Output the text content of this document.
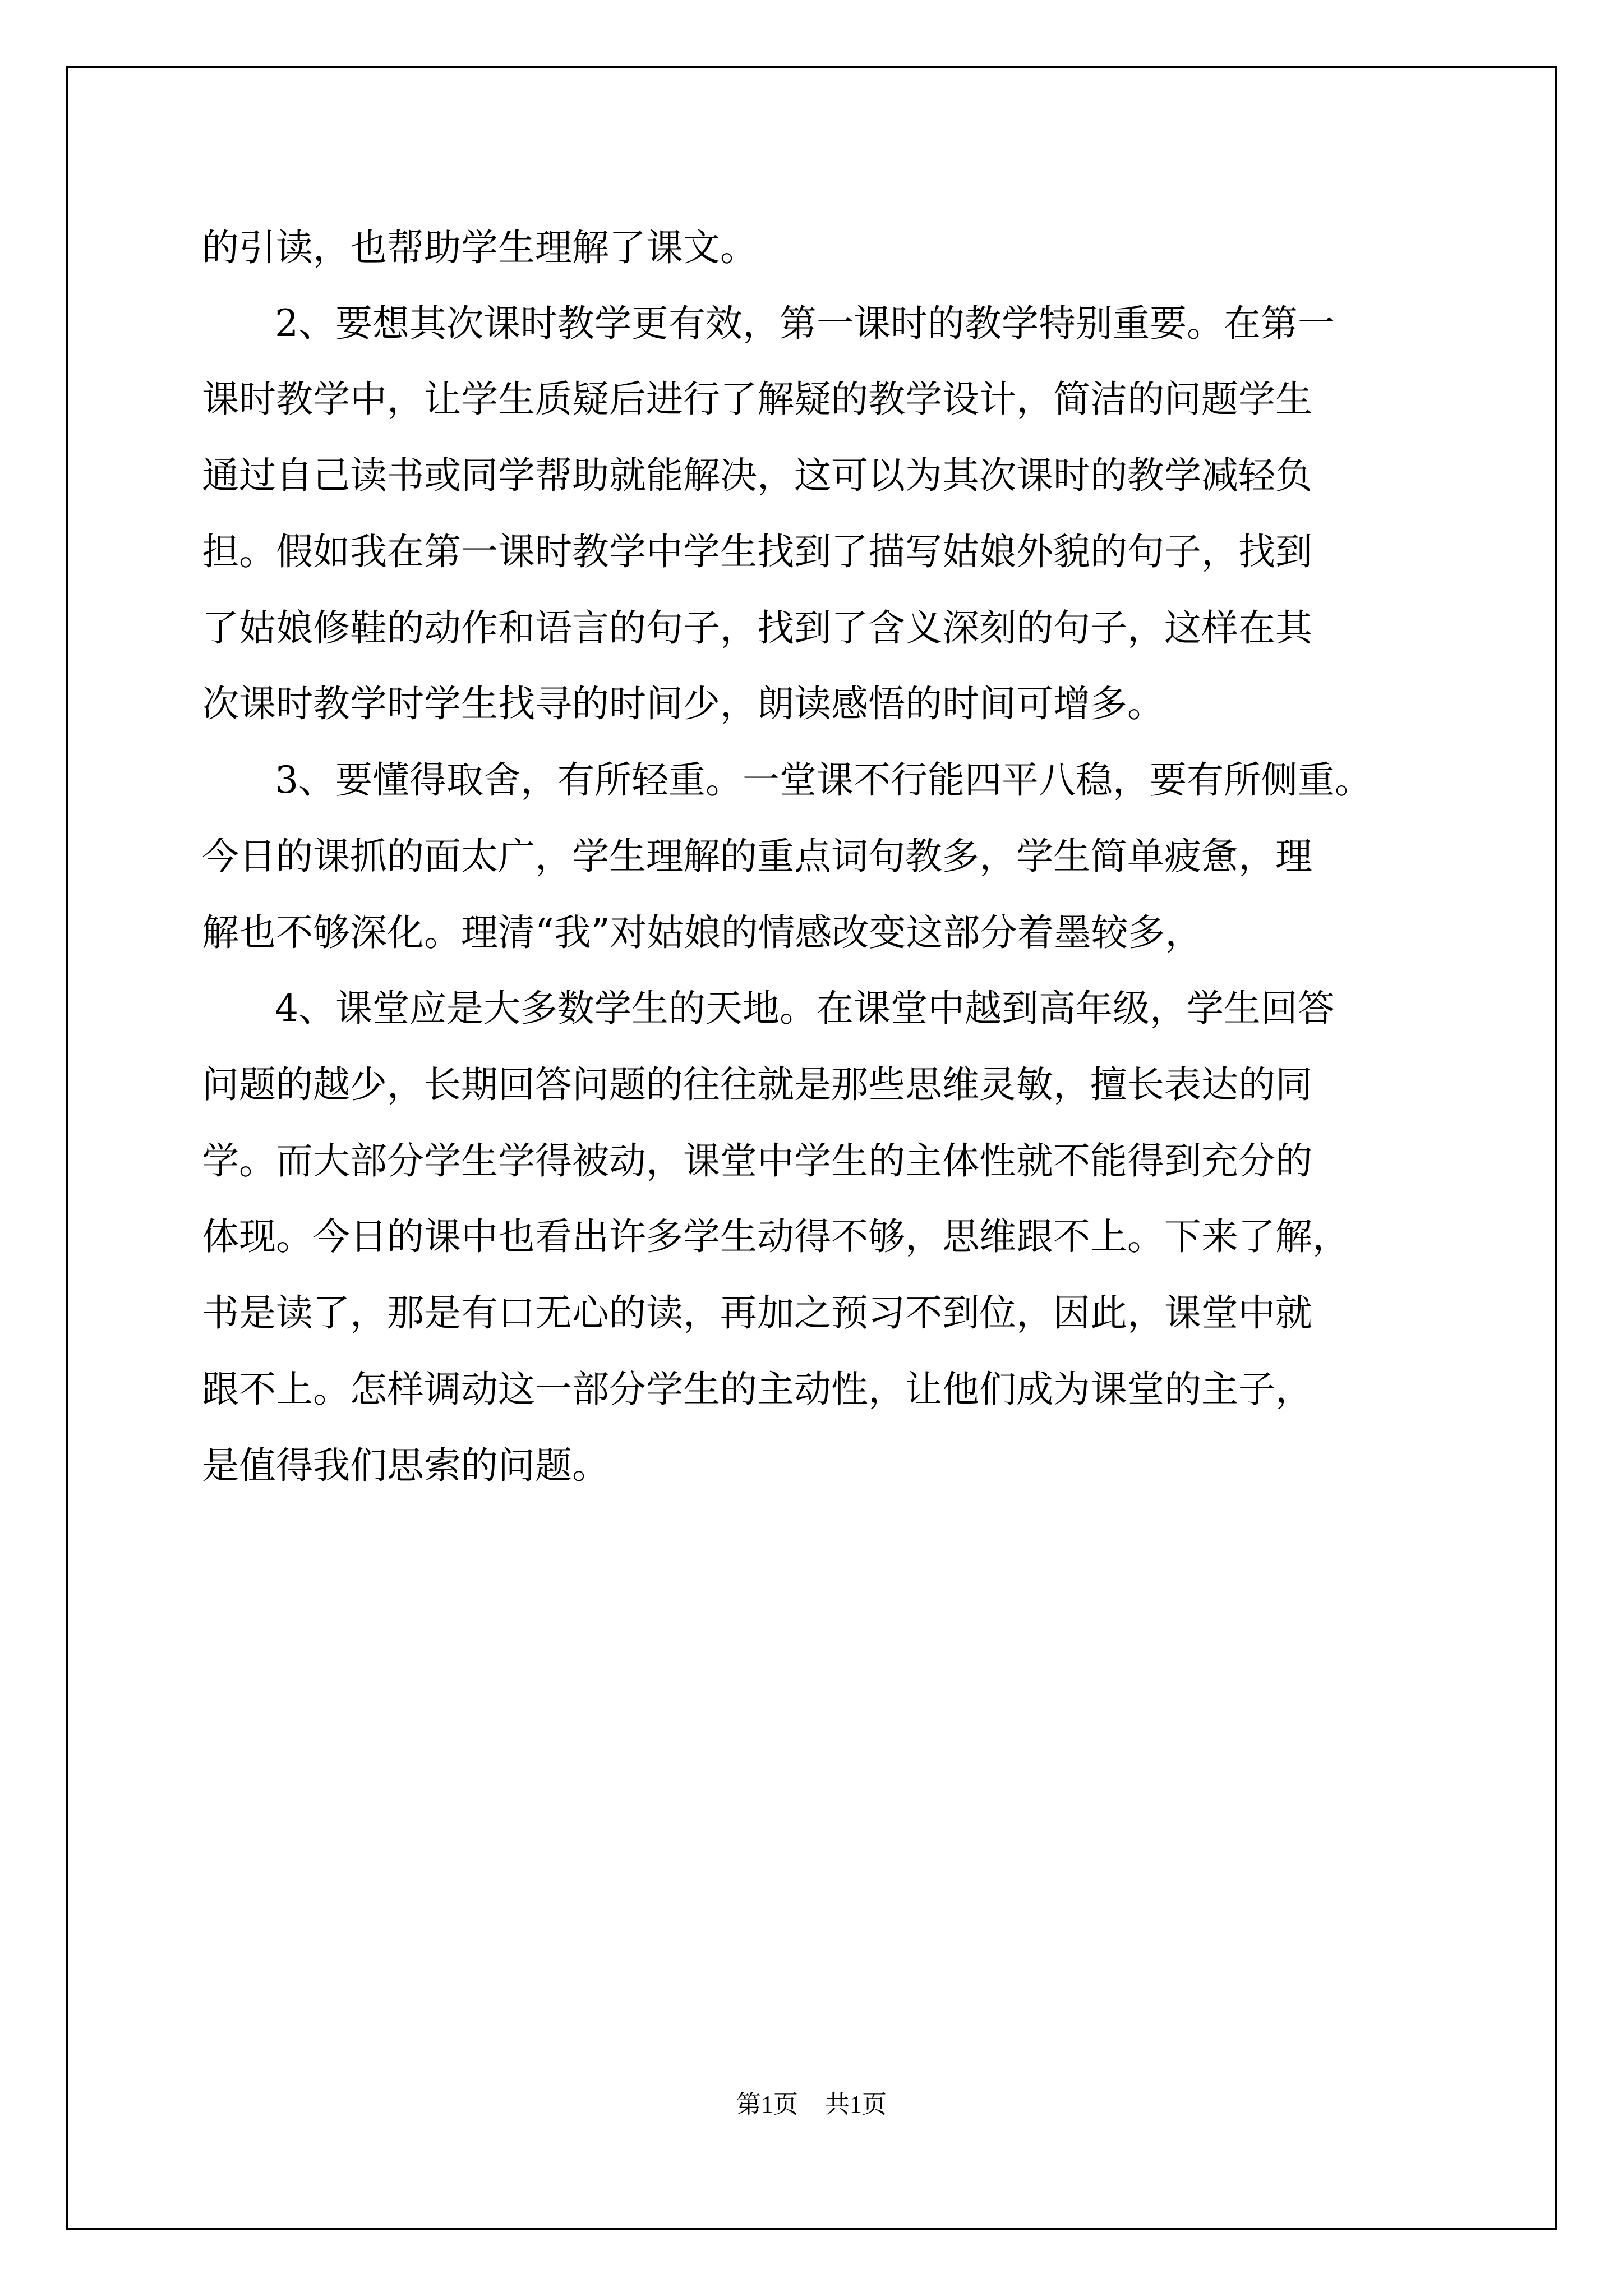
的引读，也帮助学生理解了课文。
2、要想其次课时教学更有效，第一课时的教学特别重要。在第一
课时教学中，让学生质疑后进行了解疑的教学设计，简洁的问题学生
通过自己读书或同学帮助就能解决，这可以为其次课时的教学减轻负
担。假如我在第一课时教学中学生找到了描写姑娘外貌的句子，找到
了姑娘修鞋的动作和语言的句子，找到了含义深刻的句子，这样在其
次课时教学时学生找寻的时间少，朗读感悟的时间可增多。
3、要懂得取舍，有所轻重。一堂课不行能四平八稳，要有所侧重。
今日的课抓的面太广，学生理解的重点词句教多，学生简单疲惫，理
解也不够深化。理清“我”对姑娘的情感改变这部分着墨较多，
4、课堂应是大多数学生的天地。在课堂中越到高年级，学生回答
问题的越少，长期回答问题的往往就是那些思维灵敏，擅长表达的同
学。而大部分学生学得被动，课堂中学生的主体性就不能得到充分的
体现。今日的课中也看出许多学生动得不够，思维跟不上。下来了解，
书是读了，那是有口无心的读，再加之预习不到位，因此，课堂中就
跟不上。怎样调动这一部分学生的主动性，让他们成为课堂的主子，
是值得我们思索的问题。
第1页 共1页
